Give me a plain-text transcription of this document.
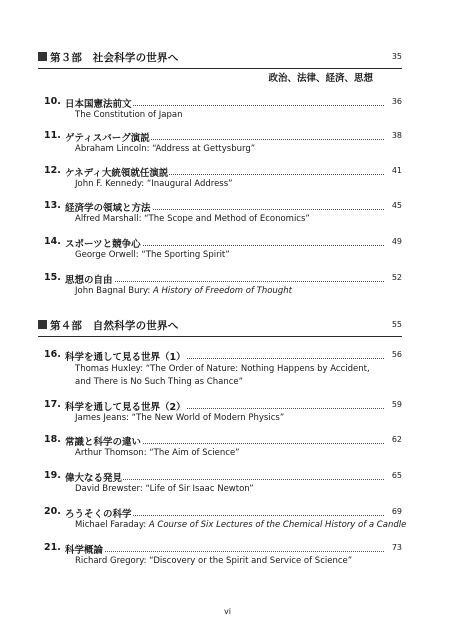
第３部　社会科学の世界へ	35
政治、法律、経済、思想
10. 日本国憲法前文	36
The Constitution of Japan
11. ゲティスバーグ演説	38
Abraham Lincoln: “Address at Gettysburg”
12. ケネディ大統領就任演説	41
John F. Kennedy: “Inaugural Address”
13. 経済学の領域と方法	45
Alfred Marshall: “The Scope and Method of Economics”
14. スポーツと競争心	49
George Orwell: “The Sporting Spirit”
15. 思想の自由	52
John Bagnal Bury: A History of Freedom of Thought
第４部　自然科学の世界へ	55
16. 科学を通して見る世界（1）	56
Thomas Huxley: “The Order of Nature: Nothing Happens by Accident,
and There is No Such Thing as Chance”
17. 科学を通して見る世界（2）	59
James Jeans: “The New World of Modern Physics”
18. 常識と科学の違い	62
Arthur Thomson: “The Aim of Science”
19. 偉大なる発見	65
David Brewster: “Life of Sir Isaac Newton”
20. ろうそくの科学	69
Michael Faraday: A Course of Six Lectures of the Chemical History of a Candle
21. 科学概論	73
Richard Gregory: “Discovery or the Spirit and Service of Science”
vi
